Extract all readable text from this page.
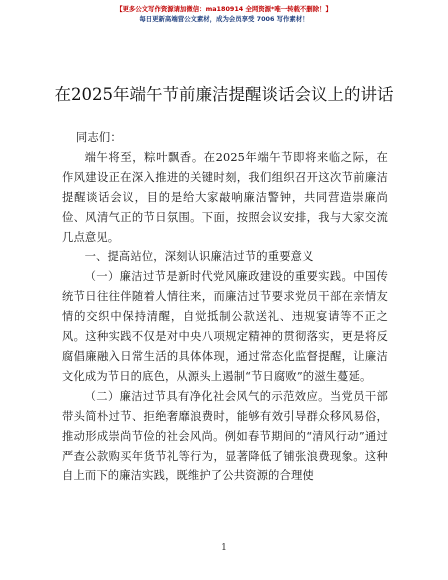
【更多公文写作资源请加微信：ma180914 全网资源*唯一转载不删除！】
每日更新高端营公文素材，成为会员享受 7006 写作素材！
在2025年端午节前廉洁提醒谈话会议上的讲话

同志们：

端午将至，粽叶飘香。在2025年端午节即将来临之际，在作风建设正在深入推进的关键时刻，我们组织召开这次节前廉洁提醒谈话会议，目的是给大家敲响廉洁警钟，共同营造崇廉尚俭、风清气正的节日氛围。下面，按照会议安排，我与大家交流几点意见。

一、提高站位，深刻认识廉洁过节的重要意义

（一）廉洁过节是新时代党风廉政建设的重要实践。中国传统节日往往伴随着人情往来，而廉洁过节要求党员干部在亲情友情的交织中保持清醒，自觉抵制公款送礼、违规宴请等不正之风。这种实践不仅是对中央八项规定精神的贯彻落实，更是将反腐倡廉融入日常生活的具体体现，通过常态化监督提醒，让廉洁文化成为节日的底色，从源头上遏制“节日腐败”的滋生蔓延。

（二）廉洁过节具有净化社会风气的示范效应。当党员干部带头简朴过节、拒绝奢靡浪费时，能够有效引导群众移风易俗，推动形成崇尚节俭的社会风尚。例如春节期间的“清风行动”通过严查公款购买年货节礼等行为，显著降低了铺张浪费现象。这种自上而下的廉洁实践，既维护了公共资源的合理使

1
